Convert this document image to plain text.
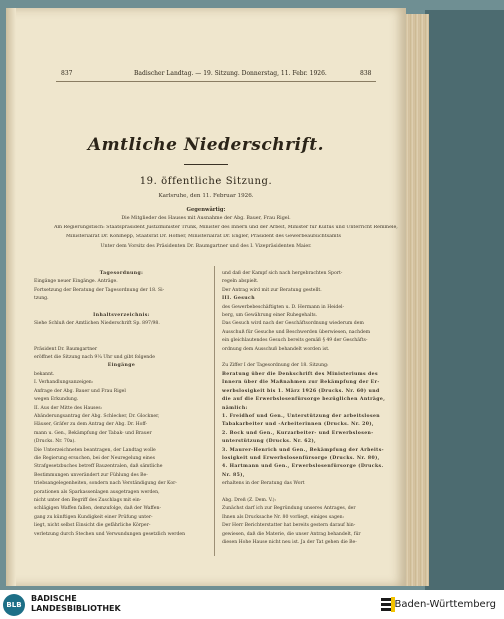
837	Badischer Landtag. — 19. Sitzung. Donnerstag, 11. Febr. 1926.	838
Amtliche Niederschrift.
19. öffentliche Sitzung.
Karlsruhe, den 11. Februar 1926.
Gegenwärtig:
Die Mitglieder des Hauses mit Ausnahme der Abg. Bauer, Frau Rigel.
Am Regierungstisch: Staatspräsident Justizminister Trunk, Minister des Innern und der Arbeit, Minister für Kultus und Unterricht Remmele,
Ministerialrat Dr. Kohlhepp, Staatsrat Dr. Hofner, Ministerialrat Dr. Engler, Präsident des Gewerbeaufsichtsamts
Unter dem Vorsitz des Präsidenten Dr. Baumgartner und des I. Vizepräsidenten Maier.
Tagesordnung:
Eingänge neuer Eingänge. Anträge.
Fortsetzung der Beratung der Tagesordnung der 18. Si-
tzung.

Inhaltsverzeichnis:
Siehe Schluß der Amtlichen Niederschrift Sp. 897/98.

Präsident Dr. Baumgartner
eröffnet die Sitzung nach 9¼ Uhr und gibt folgende
Eingänge
bekannt.
I. Verhandlungsanzeigen:
Anfrage der Abg. Bauer und Frau Rigel
wegen Erkundung.
II. Aus der Mitte des Hauses:
Abänderungsantrag der Abg. Schlecker, Dr. Glockner,
Häuser, Gräfer zu dem Antrag der Abg. Dr. Hoff-
mann u. Gen., Bekämpfung der Tabak- und Brauer
(Drucks. Nr. 70a).
Die Unterzeichneten beantragen, der Landtag wolle
die Regierung ersuchen, bei der Neuregelung eines
Strafgesetzbuches betreff Bauzentralen, daß sämtliche
Bestimmungen unverändert zur Fühlung des Be-
triebsangelegenheiten, sondern nach Verständigung der Kor-
porationen als Sparkassenlagen ausgetragen werden,
nicht unter den Begriff des Zuschlags mit ein-
schlägigen Waffen fallen, demzufolge, daß der Waffen-
gang zu künftigen Kundigkeit einer Prüfung unter-
liegt, nicht selbst Einsicht die gefährliche Körper-
verletzung durch Stechen und Verwundungen gesetzlich werden
und daß der Kampf sich nach hergebrachten Sport-
regeln abspielt.
Der Antrag wird mit zur Beratung gestellt.
III. Gesuch
des Gewerbebeschäftigten u. D. Hermann in Heidel-
berg, um Gewährung einer Ruhegehalts.
Das Gesuch wird nach der Geschäftsordnung wiederum dem
Ausschuß für Gesuche und Beschwerden überwiesen, nachdem
ein gleichlautendes Gesuch bereits gemäß § 49 der Geschäfts-
ordnung dem Ausschuß behandelt worden ist.

Zu Ziffer I der Tagesordnung der 18. Sitzung:
Beratung über die Denkschrift des Ministeriums des
Innern über die Maßnahmen zur Bekämpfung der Er-
werbslosigkeit bis 1. März 1926 (Drucks. Nr. 60) und
die auf die Erwerbslosenfürsorge bezüglichen Anträge,
nämlich:
1. Freidhof und Gen., Unterstützung der arbeitslosen
Tabakarbeiter und -Arbeiterinnen (Drucks. Nr. 20),
2. Bock und Gen., Kurzarbeiter- und Erwerbslosen-
unterstützung (Drucks. Nr. 62),
3. Maurer-Henrich und Gen., Bekämpfung der Arbeits-
losigkeit und Erwerbslosenfürsorge (Drucks. Nr. 80),
4. Hartmann und Gen., Erwerbslosenfürsorge (Drucks.
Nr. 85),
erhaltens in der Beratung das Wort

Abg. Dreß (Z. Dem. V.):
Zunächst darf ich zur Begründung unseres Antrages, der
Ihnen als Drucksache Nr. 80 vorliegt, einiges sagen:
Der Herr Berichterstatter hat bereits gestern darauf hin-
gewiesen, daß die Materie, die unser Antrag behandelt, für
diesen Hohe Hause nicht neu ist. Ja der Tat gehen die Be-
BLB
BADISCHE
LANDESBIBLIOTHEK	Baden-Württemberg
